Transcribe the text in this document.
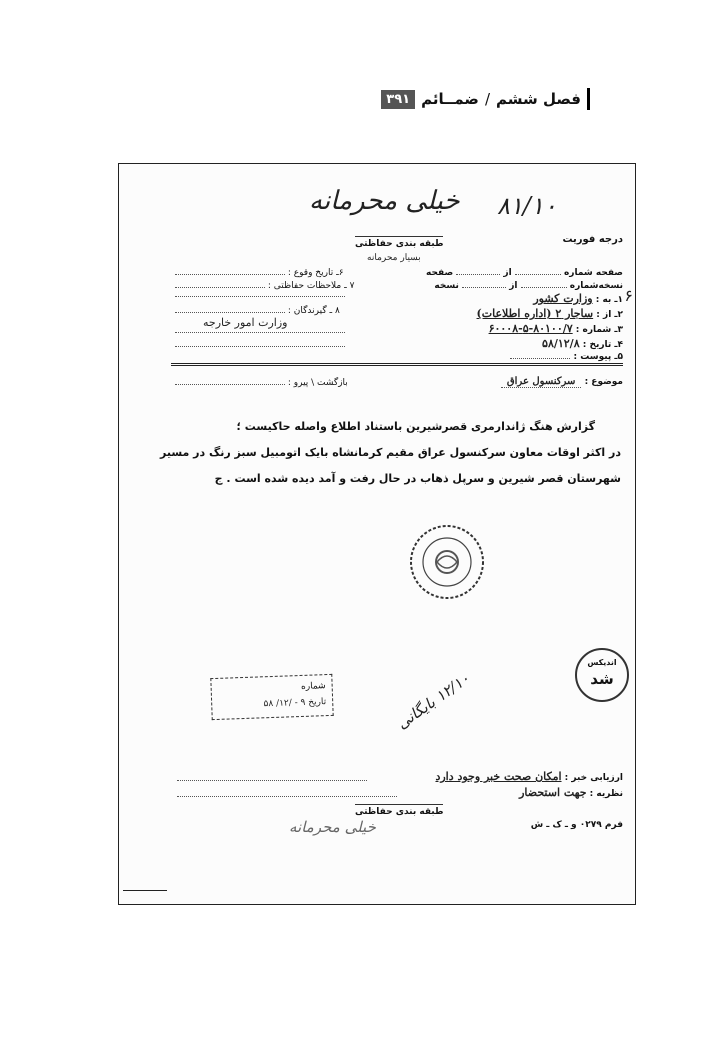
فصل ششم
/
ضمــائم
۳۹۱
خیلی محرمانه ۸۱/۱۰
درجه فوریت
طبقه بندی حفاظتی
بسیار محرمانه
صفحه شماره  از  صفحه
نسخه‌شماره  از  نسخه
۱ـ به : وزارت کشور	۶
۲ـ از : ساجار ۲ (اداره اطلاعات)
۳ـ شماره : ۸۰۱۰۰/۷-۵-۶۰۰۰۸
۴ـ تاریخ : ۵۸/۱۲/۸
۵ـ پیوست :
۶ـ تاریخ وقوع :
۷ ـ ملاحظات حفاظتی :
۸ ـ گیرندگان :
وزارت امور خارجه
موضوع : سرکنسول عراق
بازگشت \ پیرو :
گزارش هنگ ژاندارمری قصرشیرین باستناد اطلاع واصله حاکیست ؛
در اکثر اوقات معاون سرکنسول عراق مقیم کرمانشاه بایک اتومبیل سبز رنگ در مسیر
شهرستان قصر شیرین و سرپل ذهاب در حال رفت و آمد دیده شده است . ج
اندیکس
شد
شماره
تاریخ ۹ - /۱۲/ ۵۸	۱۲/۱۰ بایگانی
ارزیابی خبر : امکان صحت خبر وجود دارد
نظریه : جهت استحضار
طبقه بندی حفاظتی
خیلی محرمانه	فرم ۰۲۷۹ و ـ ک ـ ش
